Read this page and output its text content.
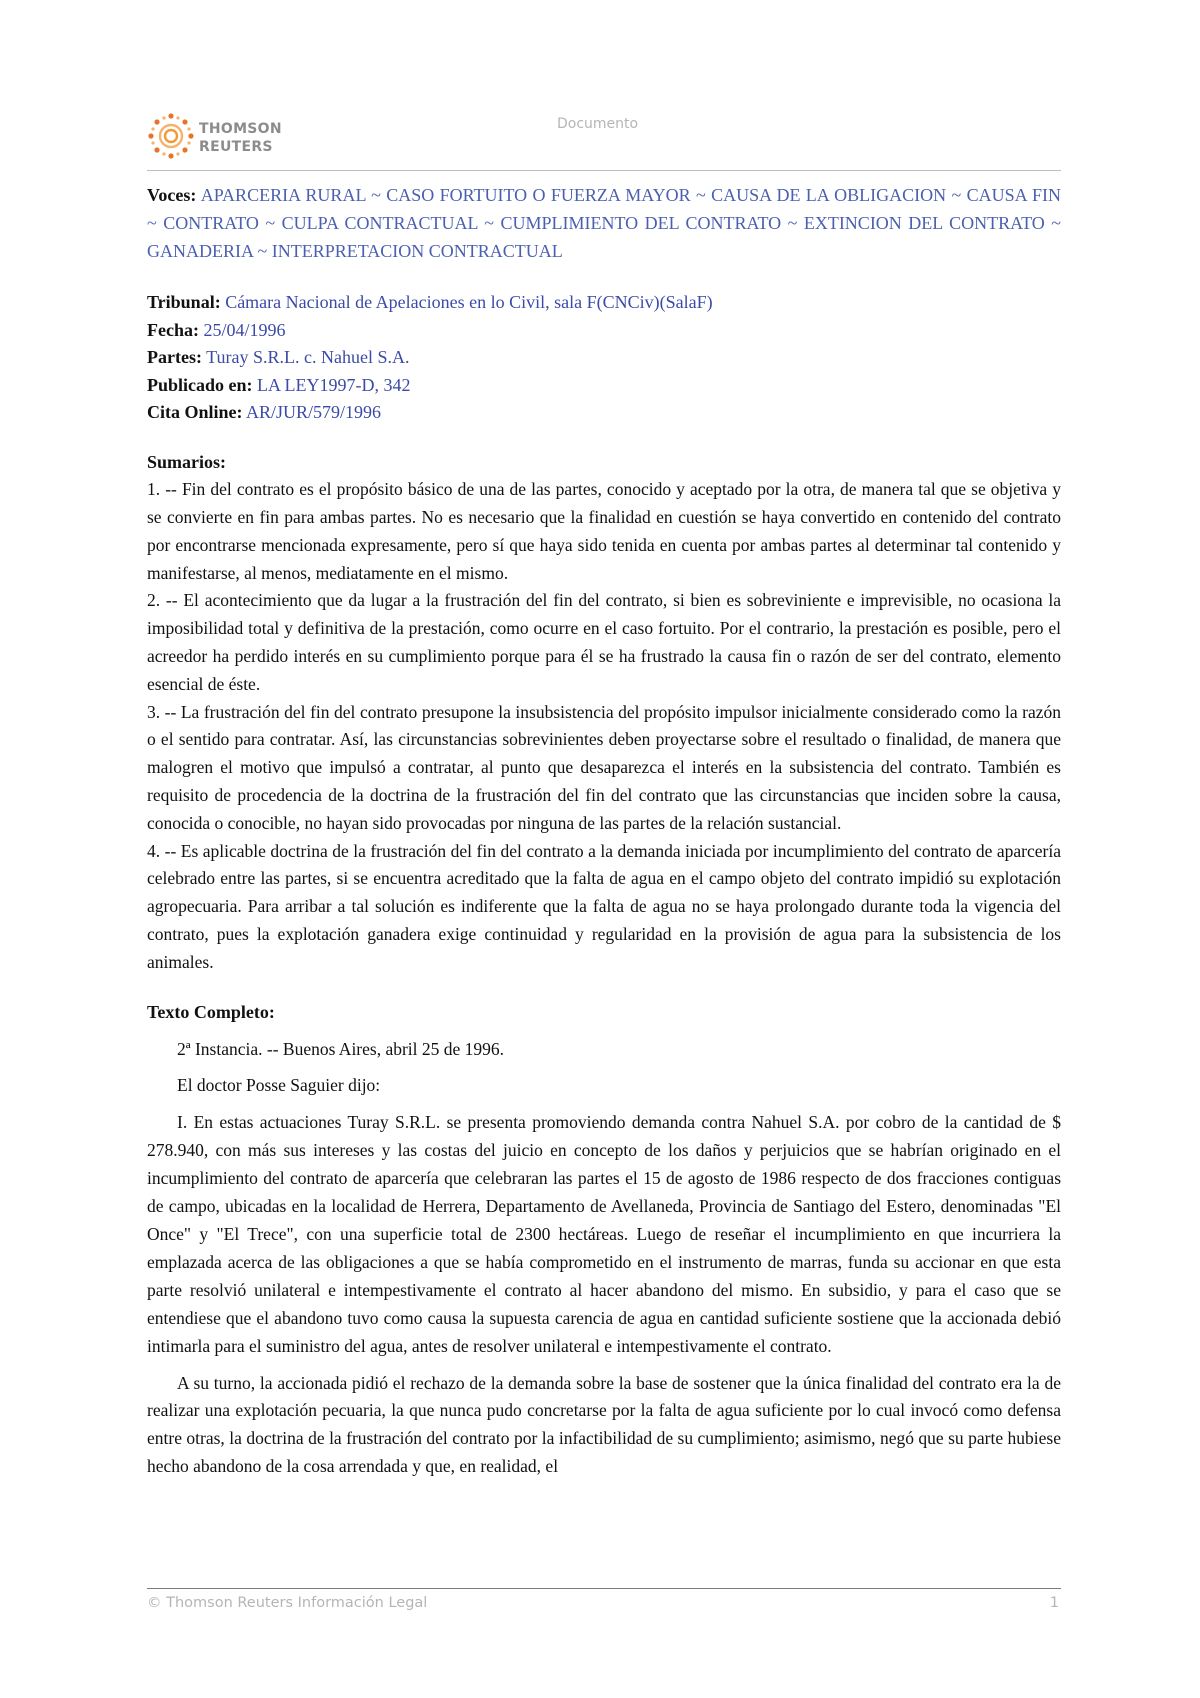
THOMSON
REUTERS
Documento
Voces: APARCERIA RURAL ~ CASO FORTUITO O FUERZA MAYOR ~ CAUSA DE LA OBLIGACION ~ CAUSA FIN ~ CONTRATO ~ CULPA CONTRACTUAL ~ CUMPLIMIENTO DEL CONTRATO ~ EXTINCION DEL CONTRATO ~ GANADERIA ~ INTERPRETACION CONTRACTUAL
Tribunal: Cámara Nacional de Apelaciones en lo Civil, sala F(CNCiv)(SalaF)
Fecha: 25/04/1996
Partes: Turay S.R.L. c. Nahuel S.A.
Publicado en: LA LEY1997-D, 342
Cita Online: AR/JUR/579/1996

Sumarios:

1. -- Fin del contrato es el propósito básico de una de las partes, conocido y aceptado por la otra, de manera tal que se objetiva y se convierte en fin para ambas partes. No es necesario que la finalidad en cuestión se haya convertido en contenido del contrato por encontrarse mencionada expresamente, pero sí que haya sido tenida en cuenta por ambas partes al determinar tal contenido y manifestarse, al menos, mediatamente en el mismo.

2. -- El acontecimiento que da lugar a la frustración del fin del contrato, si bien es sobreviniente e imprevisible, no ocasiona la imposibilidad total y definitiva de la prestación, como ocurre en el caso fortuito. Por el contrario, la prestación es posible, pero el acreedor ha perdido interés en su cumplimiento porque para él se ha frustrado la causa fin o razón de ser del contrato, elemento esencial de éste.

3. -- La frustración del fin del contrato presupone la insubsistencia del propósito impulsor inicialmente considerado como la razón o el sentido para contratar. Así, las circunstancias sobrevinientes deben proyectarse sobre el resultado o finalidad, de manera que malogren el motivo que impulsó a contratar, al punto que desaparezca el interés en la subsistencia del contrato. También es requisito de procedencia de la doctrina de la frustración del fin del contrato que las circunstancias que inciden sobre la causa, conocida o conocible, no hayan sido provocadas por ninguna de las partes de la relación sustancial.

4. -- Es aplicable doctrina de la frustración del fin del contrato a la demanda iniciada por incumplimiento del contrato de aparcería celebrado entre las partes, si se encuentra acreditado que la falta de agua en el campo objeto del contrato impidió su explotación agropecuaria. Para arribar a tal solución es indiferente que la falta de agua no se haya prolongado durante toda la vigencia del contrato, pues la explotación ganadera exige continuidad y regularidad en la provisión de agua para la subsistencia de los animales.

Texto Completo:

2ª Instancia. -- Buenos Aires, abril 25 de 1996.

El doctor Posse Saguier dijo:

I. En estas actuaciones Turay S.R.L. se presenta promoviendo demanda contra Nahuel S.A. por cobro de la cantidad de $ 278.940, con más sus intereses y las costas del juicio en concepto de los daños y perjuicios que se habrían originado en el incumplimiento del contrato de aparcería que celebraran las partes el 15 de agosto de 1986 respecto de dos fracciones contiguas de campo, ubicadas en la localidad de Herrera, Departamento de Avellaneda, Provincia de Santiago del Estero, denominadas "El Once" y "El Trece", con una superficie total de 2300 hectáreas. Luego de reseñar el incumplimiento en que incurriera la emplazada acerca de las obligaciones a que se había comprometido en el instrumento de marras, funda su accionar en que esta parte resolvió unilateral e intempestivamente el contrato al hacer abandono del mismo. En subsidio, y para el caso que se entendiese que el abandono tuvo como causa la supuesta carencia de agua en cantidad suficiente sostiene que la accionada debió intimarla para el suministro del agua, antes de resolver unilateral e intempestivamente el contrato.

A su turno, la accionada pidió el rechazo de la demanda sobre la base de sostener que la única finalidad del contrato era la de realizar una explotación pecuaria, la que nunca pudo concretarse por la falta de agua suficiente por lo cual invocó como defensa entre otras, la doctrina de la frustración del contrato por la infactibilidad de su cumplimiento; asimismo, negó que su parte hubiese hecho abandono de la cosa arrendada y que, en realidad, el

© Thomson Reuters Información Legal	1
